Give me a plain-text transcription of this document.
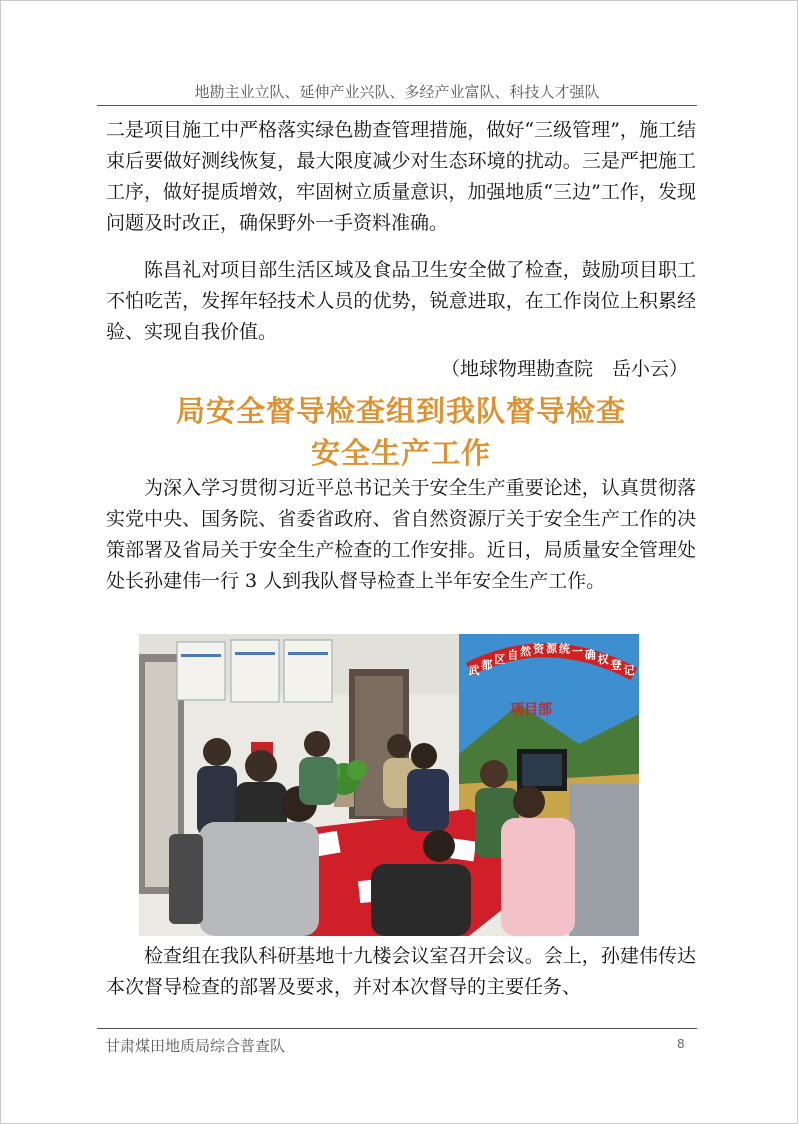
地勘主业立队、延伸产业兴队、多经产业富队、科技人才强队
二是项目施工中严格落实绿色勘查管理措施，做好“三级管理”，施工结束后要做好测线恢复，最大限度减少对生态环境的扰动。三是严把施工工序，做好提质增效，牢固树立质量意识，加强地质“三边”工作，发现问题及时改正，确保野外一手资料准确。
陈昌礼对项目部生活区域及食品卫生安全做了检查，鼓励项目职工不怕吃苦，发挥年轻技术人员的优势，锐意进取，在工作岗位上积累经验、实现自我价值。
（地球物理勘查院　岳小云）
局安全督导检查组到我队督导检查
安全生产工作
为深入学习贯彻习近平总书记关于安全生产重要论述，认真贯彻落实党中央、国务院、省委省政府、省自然资源厅关于安全生产工作的决策部署及省局关于安全生产检查的工作安排。近日，局质量安全管理处处长孙建伟一行 3 人到我队督导检查上半年安全生产工作。
项目部
武 都 区 自 然 资 源 统 一 确 权 登 记
检查组在我队科研基地十九楼会议室召开会议。会上，孙建伟传达本次督导检查的部署及要求，并对本次督导的主要任务、
甘肃煤田地质局综合普查队	8
